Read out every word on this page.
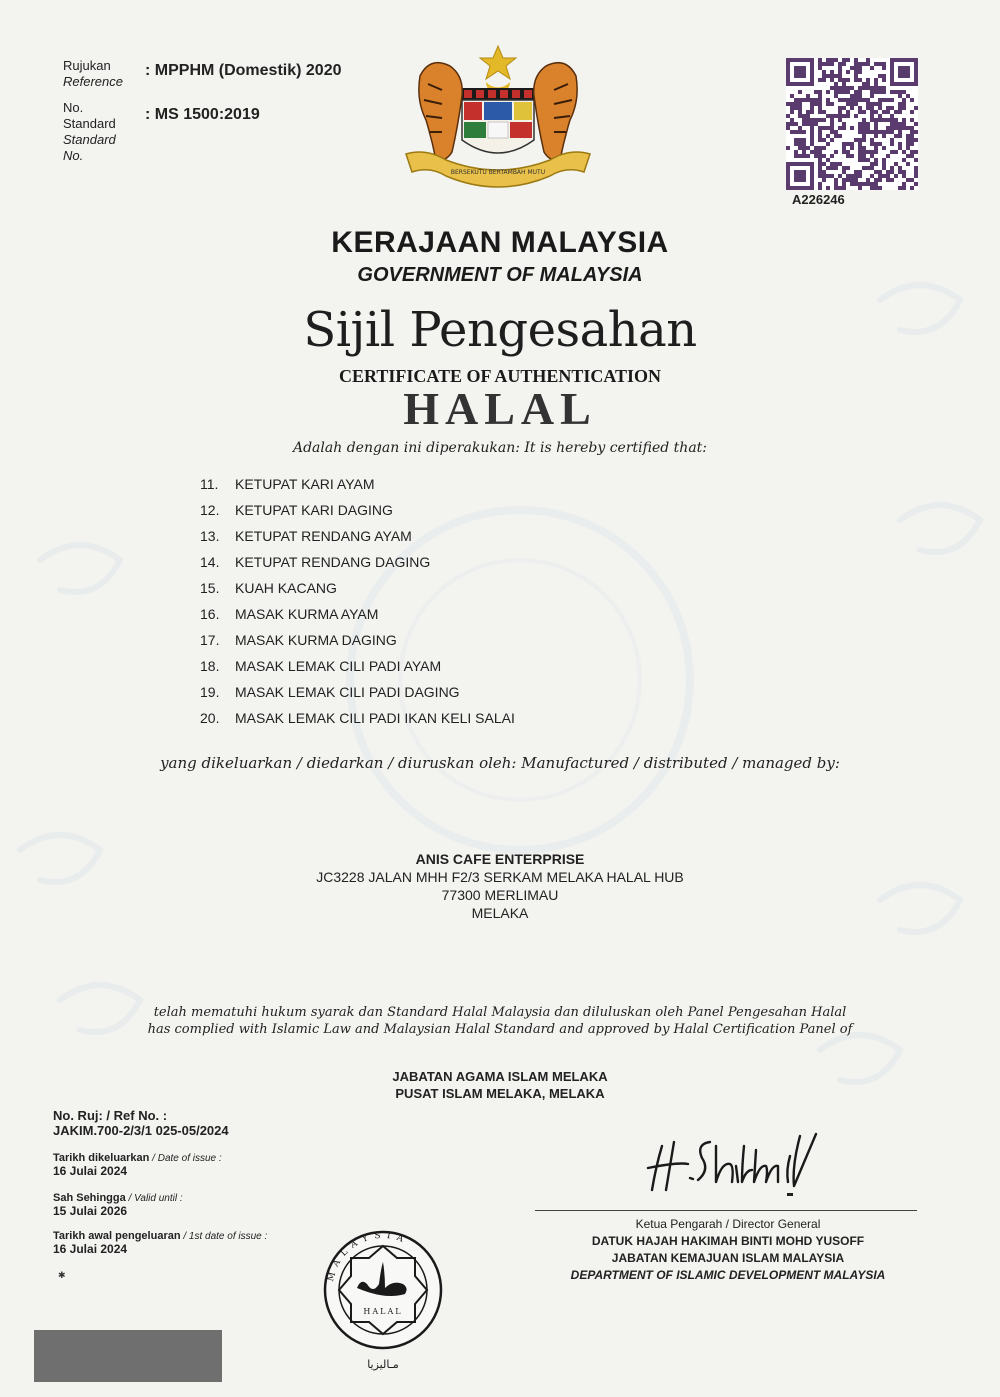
Rujukan
Reference
: MPPHM (Domestik) 2020
No.
Standard
Standard
No.
: MS 1500:2019
BERSEKUTU BERTAMBAH MUTU
A226246
KERAJAAN MALAYSIA
GOVERNMENT OF MALAYSIA
Sijil Pengesahan
CERTIFICATE OF AUTHENTICATION
HALAL
Adalah dengan ini diperakukan: It is hereby certified that:
11. KETUPAT KARI AYAM
12. KETUPAT KARI DAGING
13. KETUPAT RENDANG AYAM
14. KETUPAT RENDANG DAGING
15. KUAH KACANG
16. MASAK KURMA AYAM
17. MASAK KURMA DAGING
18. MASAK LEMAK CILI PADI AYAM
19. MASAK LEMAK CILI PADI DAGING
20. MASAK LEMAK CILI PADI IKAN KELI SALAI
yang dikeluarkan / diedarkan / diuruskan oleh: Manufactured / distributed / managed by:
ANIS CAFE ENTERPRISE
JC3228 JALAN MHH F2/3 SERKAM MELAKA HALAL HUB
77300 MERLIMAU
MELAKA
telah mematuhi hukum syarak dan Standard Halal Malaysia dan diluluskan oleh Panel Pengesahan Halal
has complied with Islamic Law and Malaysian Halal Standard and approved by Halal Certification Panel of
JABATAN AGAMA ISLAM MELAKA
PUSAT ISLAM MELAKA, MELAKA
No. Ruj: / Ref No. :
JAKIM.700-2/3/1 025-05/2024
Tarikh dikeluarkan / Date of issue :
16 Julai 2024
Sah Sehingga / Valid until :
15 Julai 2026
Tarikh awal pengeluaran / 1st date of issue :
16 Julai 2024
Ketua Pengarah / Director General
DATUK HAJAH HAKIMAH BINTI MOHD YUSOFF
JABATAN KEMAJUAN ISLAM MALAYSIA
DEPARTMENT OF ISLAMIC DEVELOPMENT MALAYSIA
MALAYSIA
HALAL
مـاليزيا
✱
